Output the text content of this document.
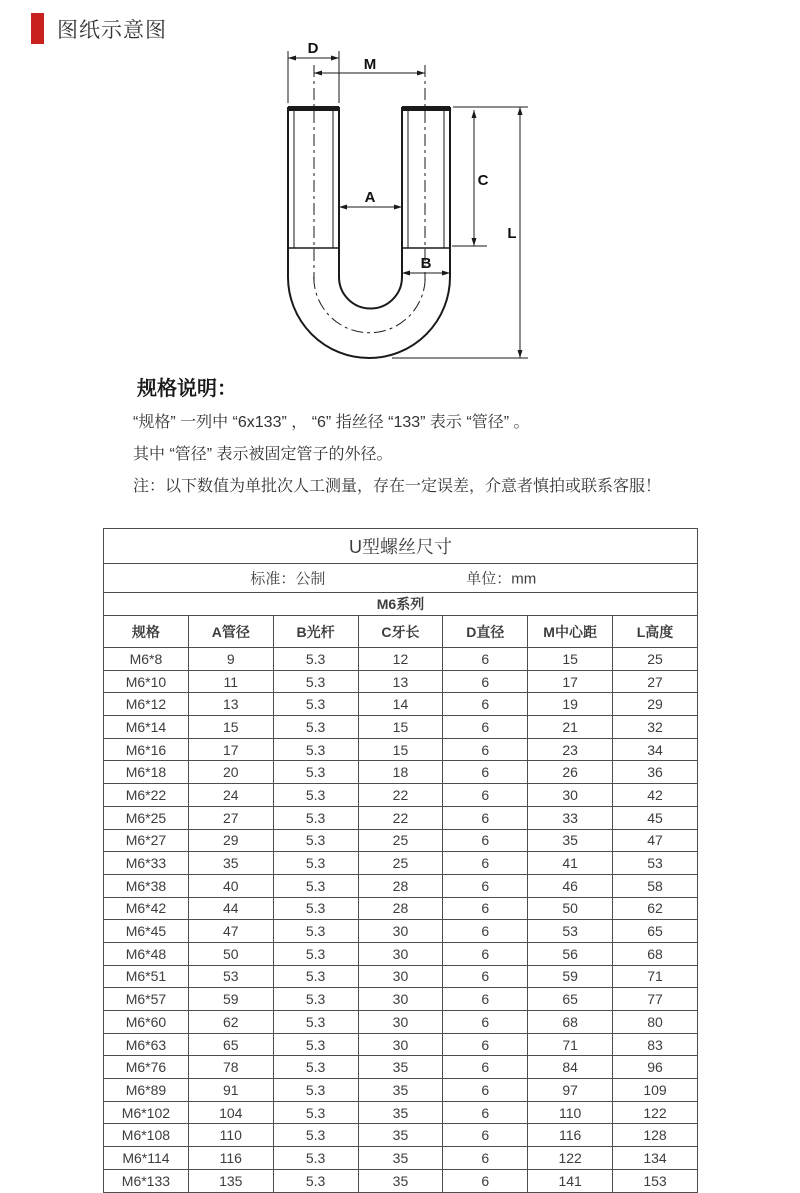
图纸示意图
D
M
A
C
L
B
规格说明：

“规格” 一列中 “6x133” ， “6” 指丝径 “133” 表示 “管径” 。

其中 “管径” 表示被固定管子的外径。

注：以下数值为单批次人工测量，存在一定误差，介意者慎拍或联系客服！

U型螺丝尺寸						

标准：公制 单位：mm						

M6系列						
规格	A管径	B光杆	C牙长	D直径	M中心距	L高度
M6*8	9	5.3	12	6	15	25
M6*10	11	5.3	13	6	17	27
M6*12	13	5.3	14	6	19	29
M6*14	15	5.3	15	6	21	32
M6*16	17	5.3	15	6	23	34
M6*18	20	5.3	18	6	26	36
M6*22	24	5.3	22	6	30	42
M6*25	27	5.3	22	6	33	45
M6*27	29	5.3	25	6	35	47
M6*33	35	5.3	25	6	41	53
M6*38	40	5.3	28	6	46	58
M6*42	44	5.3	28	6	50	62
M6*45	47	5.3	30	6	53	65
M6*48	50	5.3	30	6	56	68
M6*51	53	5.3	30	6	59	71
M6*57	59	5.3	30	6	65	77
M6*60	62	5.3	30	6	68	80
M6*63	65	5.3	30	6	71	83
M6*76	78	5.3	35	6	84	96
M6*89	91	5.3	35	6	97	109
M6*102	104	5.3	35	6	110	122
M6*108	110	5.3	35	6	116	128
M6*114	116	5.3	35	6	122	134
M6*133	135	5.3	35	6	141	153
